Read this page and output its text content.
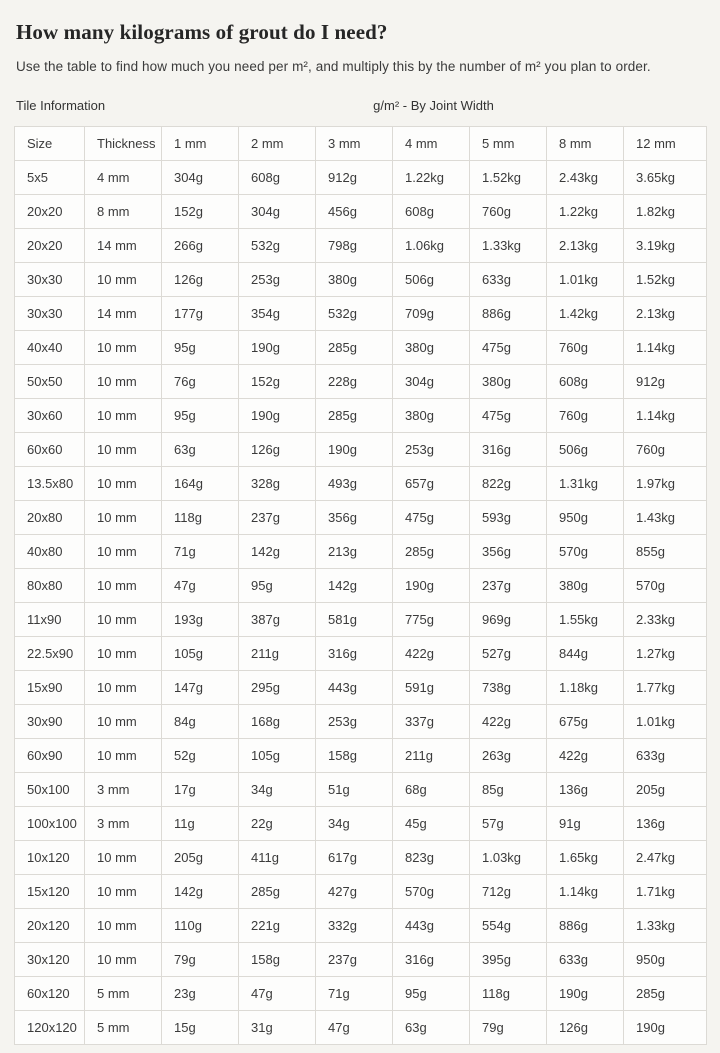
How many kilograms of grout do I need?

Use the table to find how much you need per m², and multiply this by the number of m² you plan to order.

Tile Information	g/m² - By Joint Width
Size	Thickness	1 mm	2 mm	3 mm	4 mm	5 mm	8 mm	12 mm
5x5	4 mm	304g	608g	912g	1.22kg	1.52kg	2.43kg	3.65kg
20x20	8 mm	152g	304g	456g	608g	760g	1.22kg	1.82kg
20x20	14 mm	266g	532g	798g	1.06kg	1.33kg	2.13kg	3.19kg
30x30	10 mm	126g	253g	380g	506g	633g	1.01kg	1.52kg
30x30	14 mm	177g	354g	532g	709g	886g	1.42kg	2.13kg
40x40	10 mm	95g	190g	285g	380g	475g	760g	1.14kg
50x50	10 mm	76g	152g	228g	304g	380g	608g	912g
30x60	10 mm	95g	190g	285g	380g	475g	760g	1.14kg
60x60	10 mm	63g	126g	190g	253g	316g	506g	760g
13.5x80	10 mm	164g	328g	493g	657g	822g	1.31kg	1.97kg
20x80	10 mm	118g	237g	356g	475g	593g	950g	1.43kg
40x80	10 mm	71g	142g	213g	285g	356g	570g	855g
80x80	10 mm	47g	95g	142g	190g	237g	380g	570g
11x90	10 mm	193g	387g	581g	775g	969g	1.55kg	2.33kg
22.5x90	10 mm	105g	211g	316g	422g	527g	844g	1.27kg
15x90	10 mm	147g	295g	443g	591g	738g	1.18kg	1.77kg
30x90	10 mm	84g	168g	253g	337g	422g	675g	1.01kg
60x90	10 mm	52g	105g	158g	211g	263g	422g	633g
50x100	3 mm	17g	34g	51g	68g	85g	136g	205g
100x100	3 mm	11g	22g	34g	45g	57g	91g	136g
10x120	10 mm	205g	411g	617g	823g	1.03kg	1.65kg	2.47kg
15x120	10 mm	142g	285g	427g	570g	712g	1.14kg	1.71kg
20x120	10 mm	110g	221g	332g	443g	554g	886g	1.33kg
30x120	10 mm	79g	158g	237g	316g	395g	633g	950g
60x120	5 mm	23g	47g	71g	95g	118g	190g	285g
120x120	5 mm	15g	31g	47g	63g	79g	126g	190g
